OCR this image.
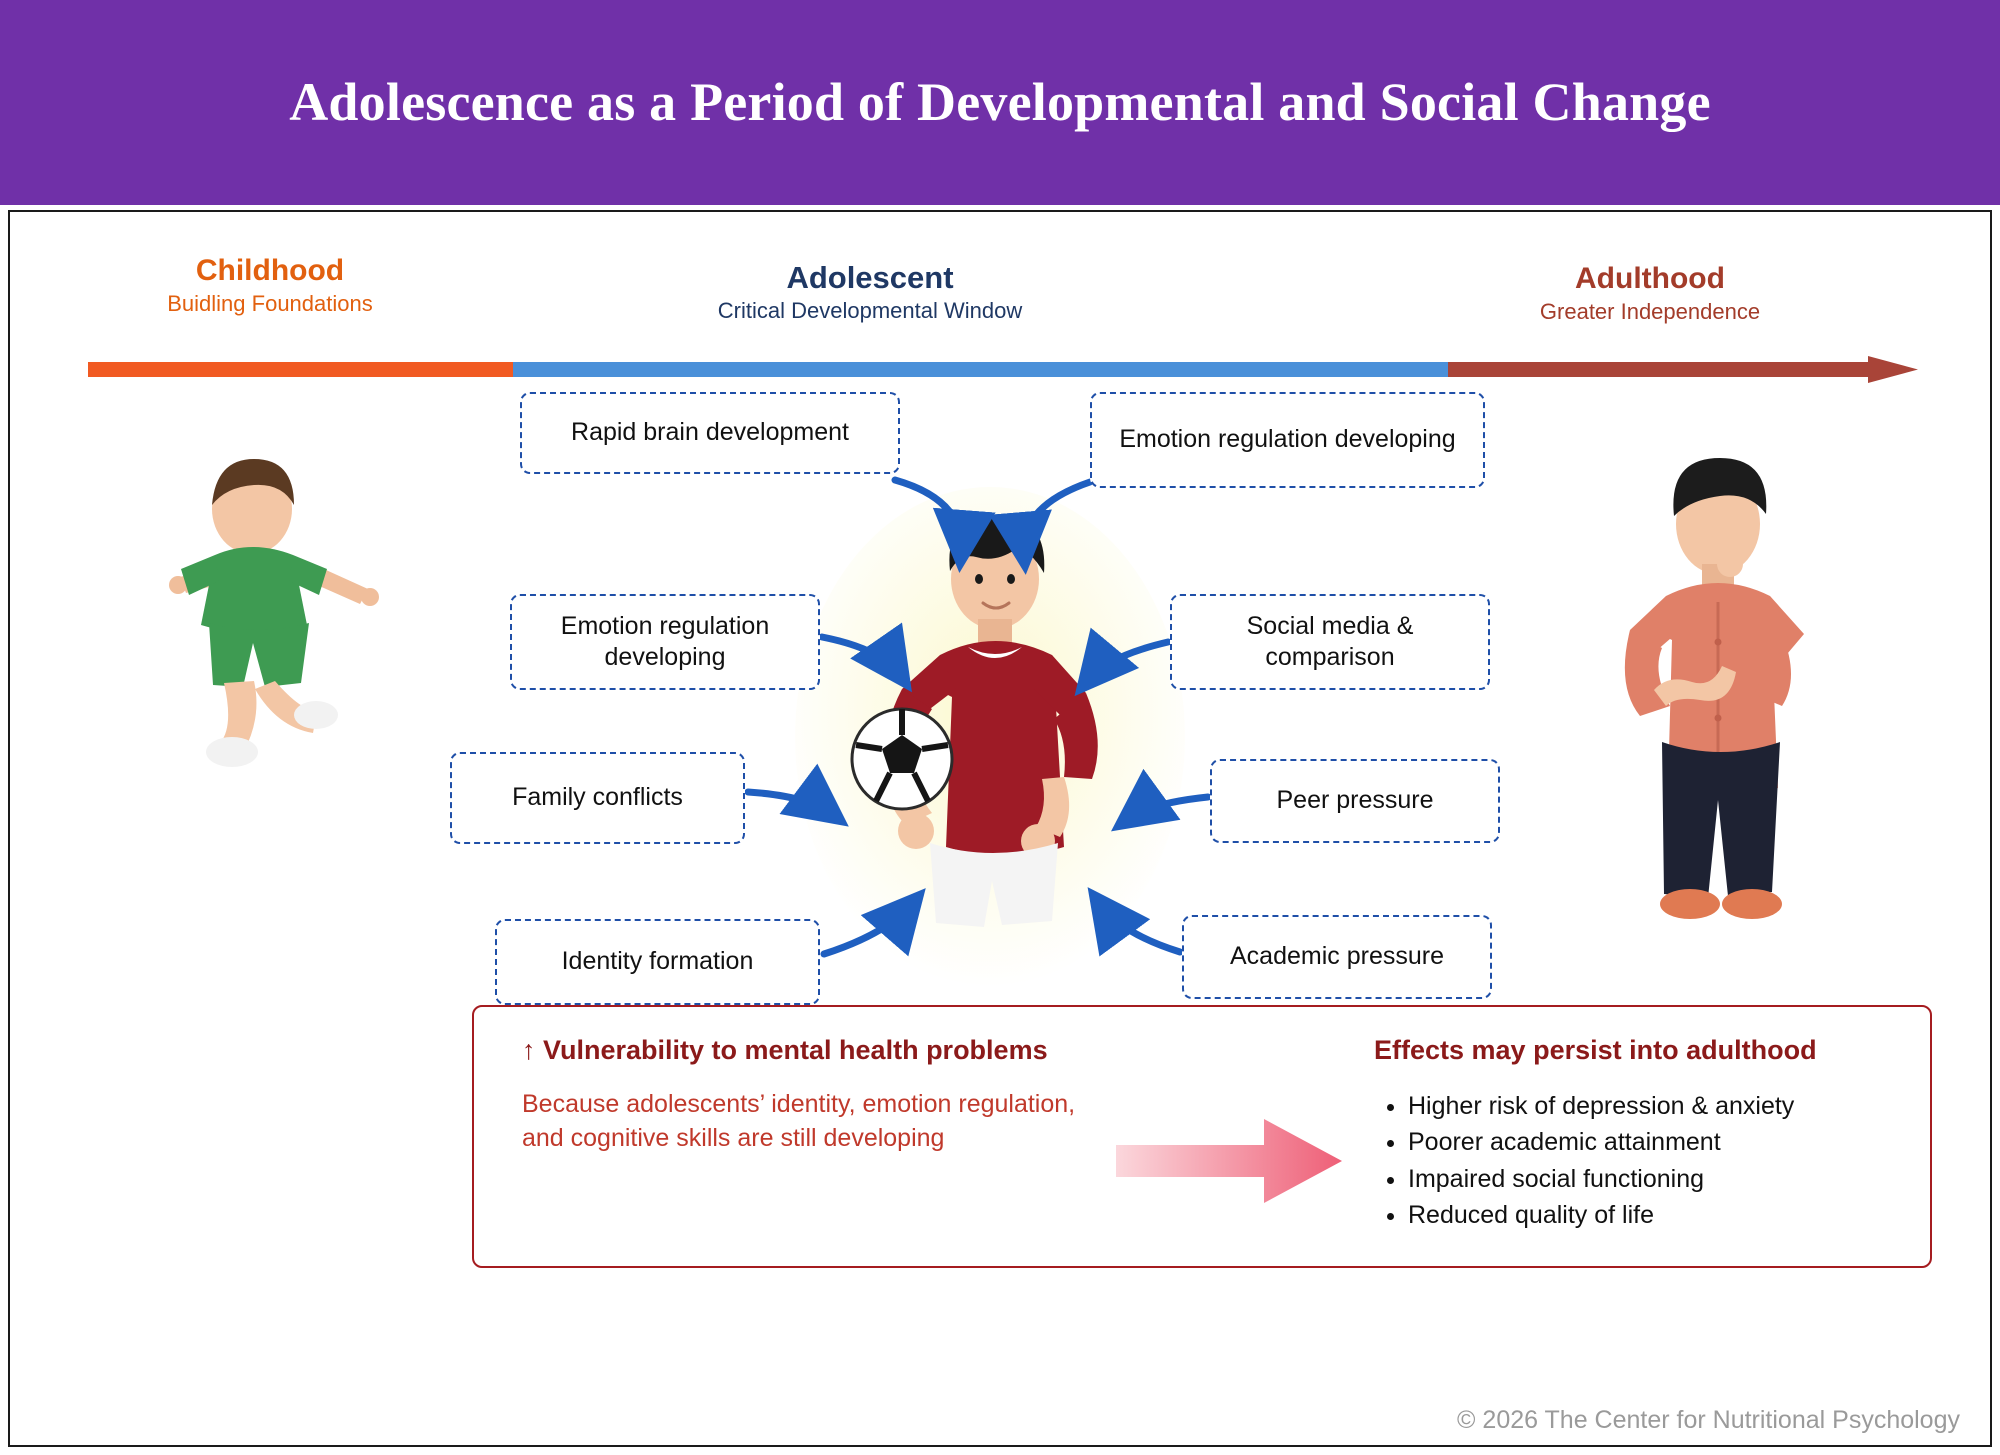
Adolescence as a Period of Developmental and Social Change
Childhood
Buidling Foundations
Adolescent
Critical Developmental Window
Adulthood
Greater Independence
Rapid brain development
Emotion regulation developing
Family conflicts
Identity formation
Emotion regulation developing
Social media & comparison
Peer pressure
Academic pressure
↑ Vulnerability to mental health problems
Because adolescents’ identity, emotion regulation, and cognitive skills are still developing
Effects may persist into adulthood
• Higher risk of depression & anxiety
• Poorer academic attainment
• Impaired social functioning
• Reduced quality of life
© 2026 The Center for Nutritional Psychology
